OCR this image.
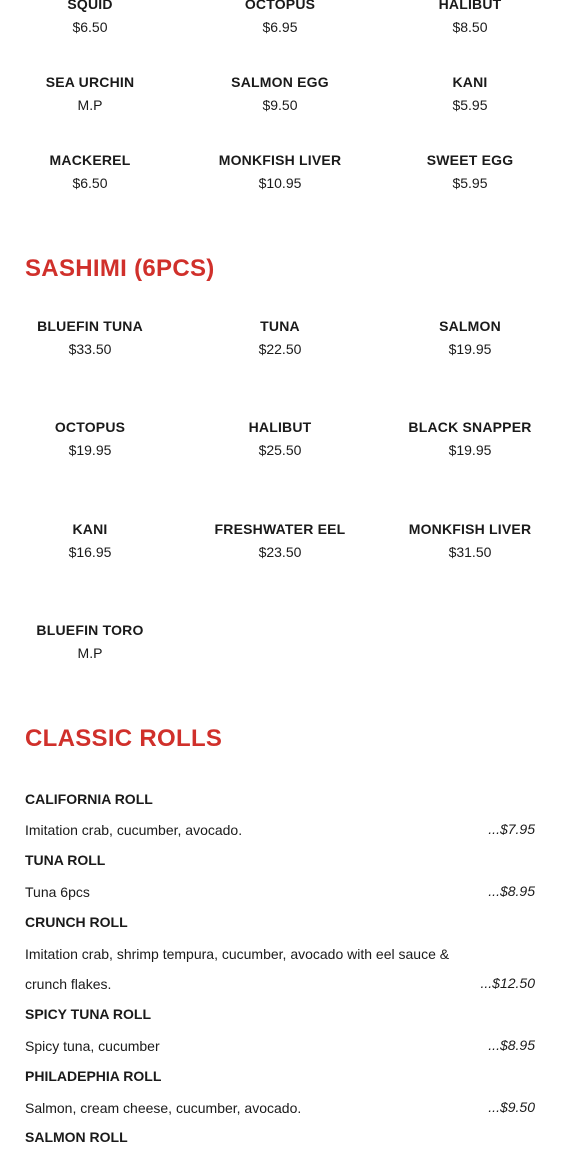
SQUID
$6.50
OCTOPUS
$6.95
HALIBUT
$8.50
SEA URCHIN
M.P
SALMON EGG
$9.50
KANI
$5.95
MACKEREL
$6.50
MONKFISH LIVER
$10.95
SWEET EGG
$5.95
SASHIMI (6PCS)
BLUEFIN TUNA
$33.50
TUNA
$22.50
SALMON
$19.95
OCTOPUS
$19.95
HALIBUT
$25.50
BLACK SNAPPER
$19.95
KANI
$16.95
FRESHWATER EEL
$23.50
MONKFISH LIVER
$31.50
BLUEFIN TORO
M.P
CLASSIC ROLLS
CALIFORNIA ROLL
Imitation crab, cucumber, avocado.	...$7.95
TUNA ROLL
Tuna 6pcs	...$8.95
CRUNCH ROLL
Imitation crab, shrimp tempura, cucumber, avocado with eel sauce & crunch flakes.	...$12.50
SPICY TUNA ROLL
Spicy tuna, cucumber	...$8.95
PHILADEPHIA ROLL
Salmon, cream cheese, cucumber, avocado.	...$9.50
SALMON ROLL
